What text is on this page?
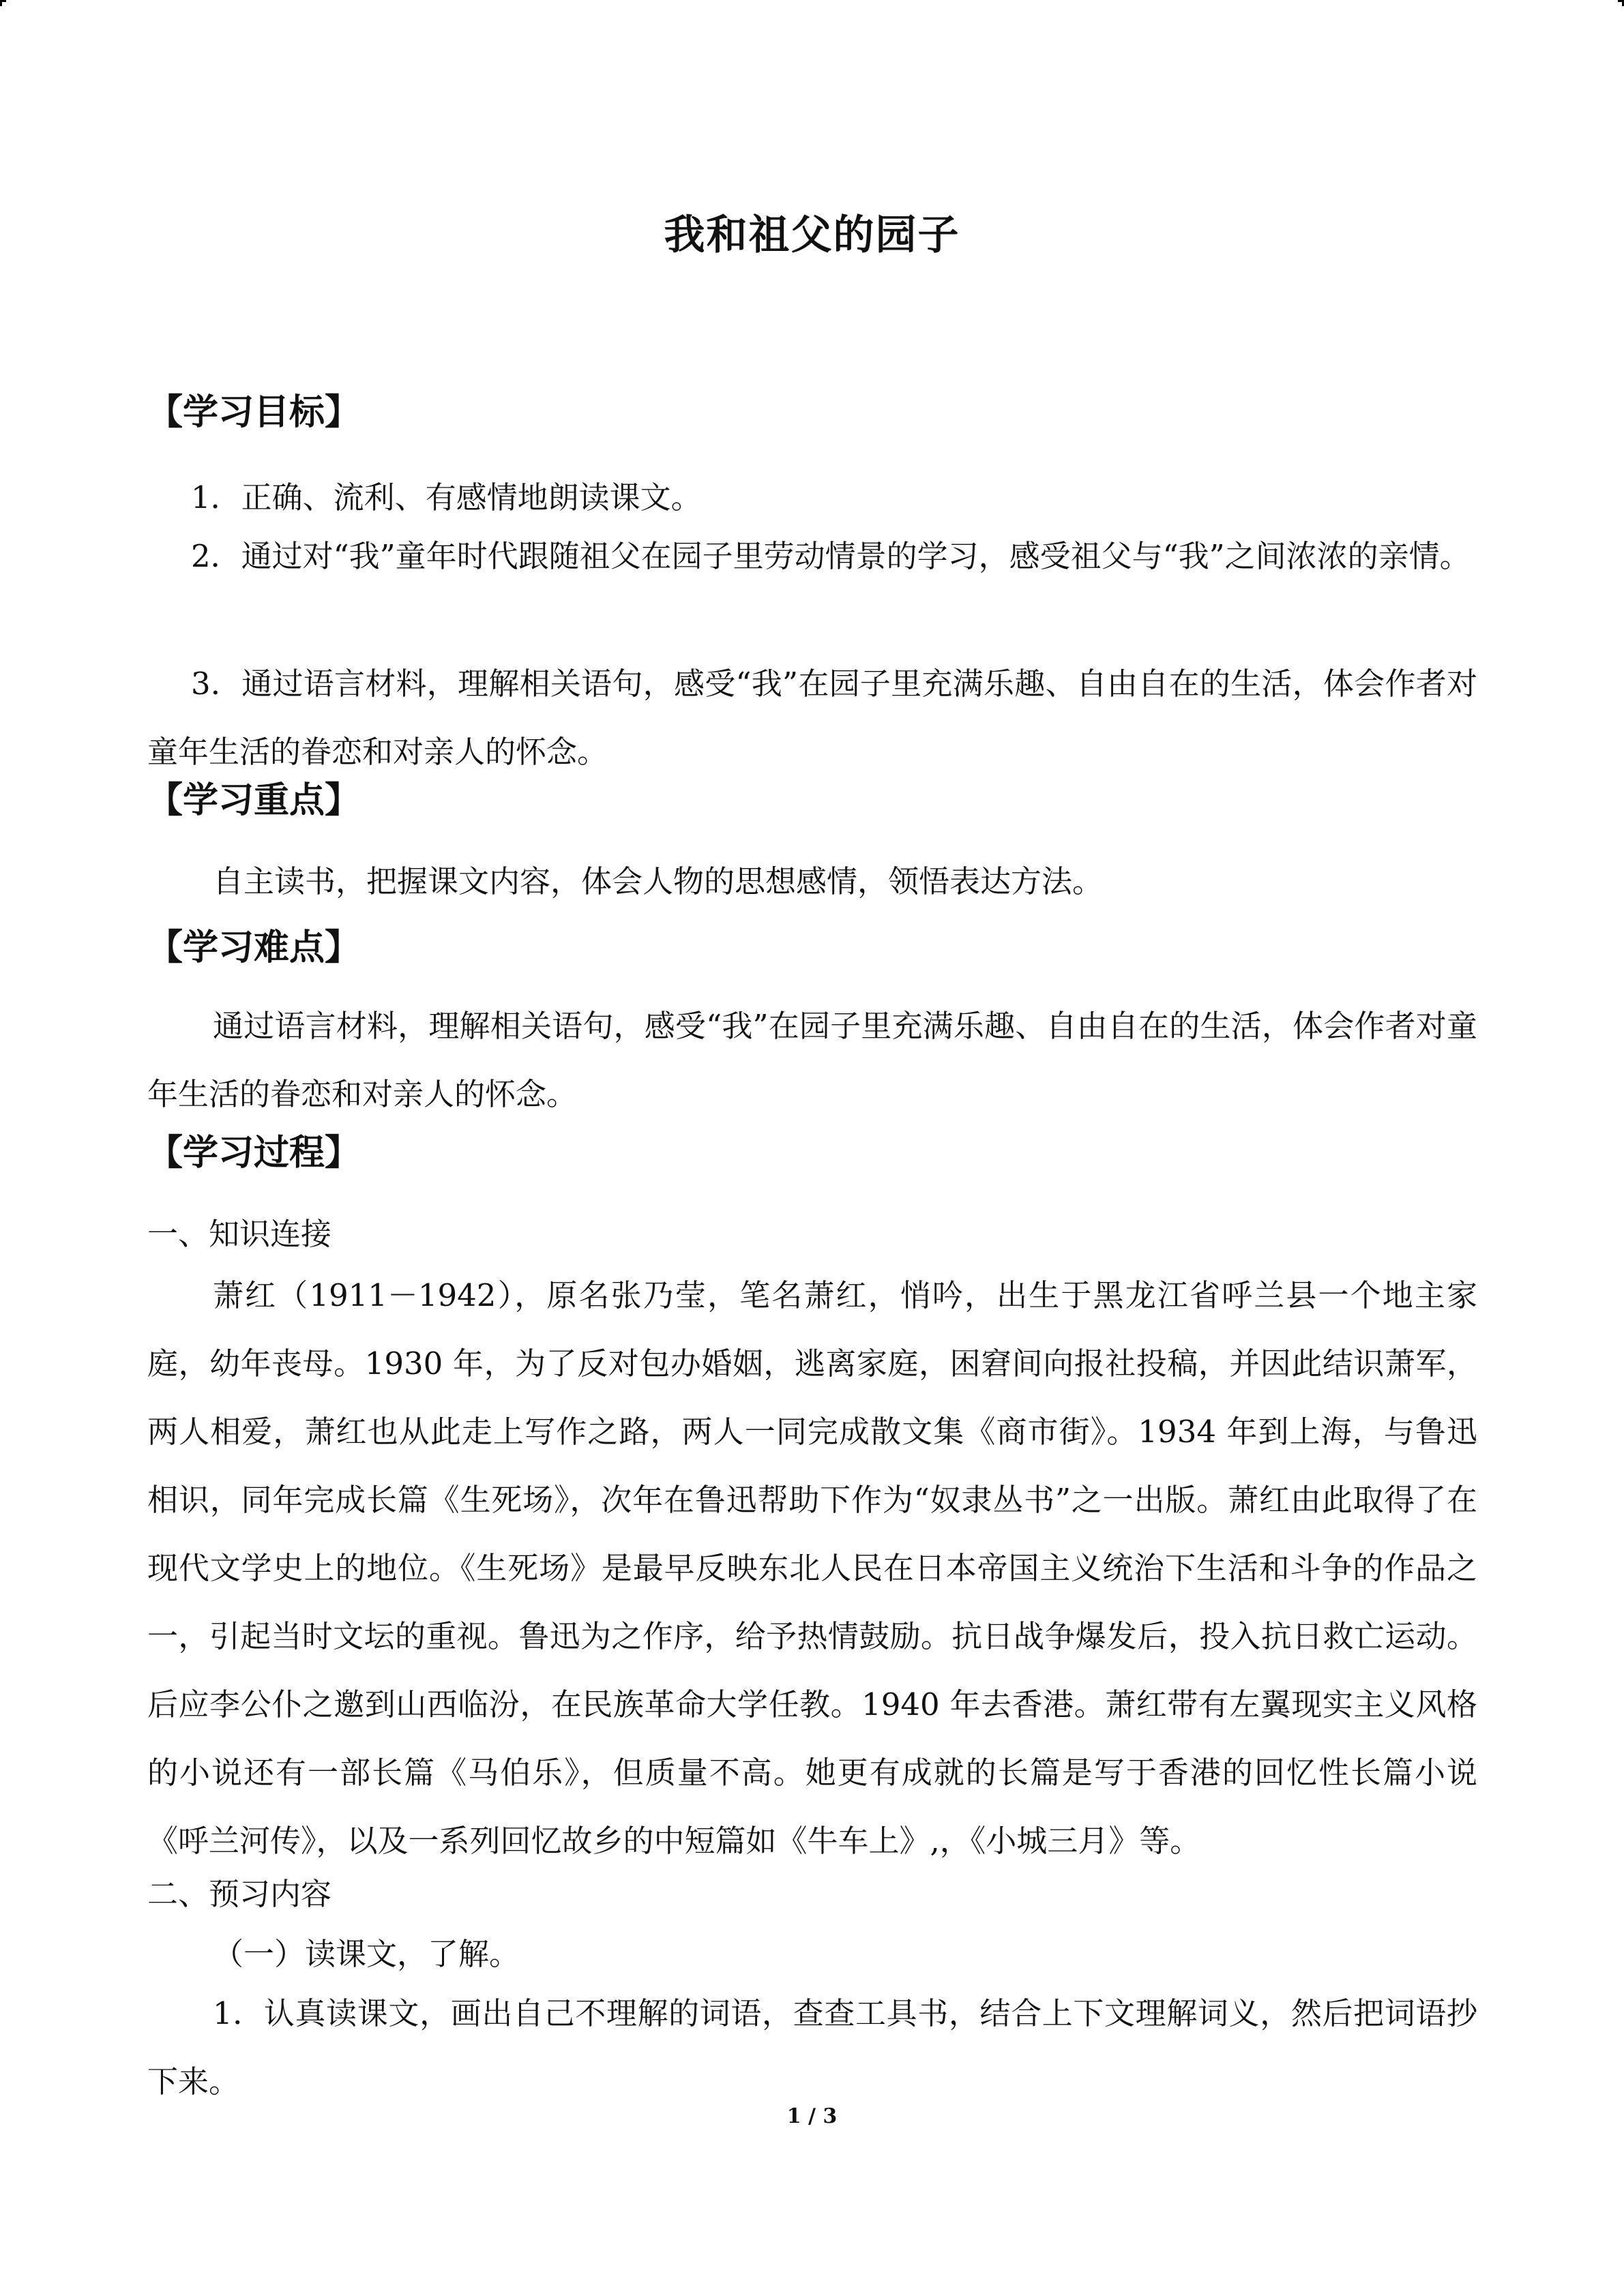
我和祖父的园子
【学习目标】

1．正确、流利、有感情地朗读课文。

2．通过对“我”童年时代跟随祖父在园子里劳动情景的学习，感受祖父与“我”之间浓浓的亲情。

3．通过语言材料，理解相关语句，感受“我”在园子里充满乐趣、自由自在的生活，体会作者对童年生活的眷恋和对亲人的怀念。

【学习重点】

自主读书，把握课文内容，体会人物的思想感情，领悟表达方法。

【学习难点】

通过语言材料，理解相关语句，感受“我”在园子里充满乐趣、自由自在的生活，体会作者对童年生活的眷恋和对亲人的怀念。

【学习过程】

一、知识连接

萧红（1911－1942），原名张乃莹，笔名萧红，悄吟，出生于黑龙江省呼兰县一个地主家庭，幼年丧母。1930 年，为了反对包办婚姻，逃离家庭，困窘间向报社投稿，并因此结识萧军，两人相爱，萧红也从此走上写作之路，两人一同完成散文集《商市街》。1934 年到上海，与鲁迅相识，同年完成长篇《生死场》，次年在鲁迅帮助下作为“奴隶丛书”之一出版。萧红由此取得了在现代文学史上的地位。《生死场》是最早反映东北人民在日本帝国主义统治下生活和斗争的作品之一，引起当时文坛的重视。鲁迅为之作序，给予热情鼓励。抗日战争爆发后，投入抗日救亡运动。后应李公仆之邀到山西临汾，在民族革命大学任教。1940 年去香港。萧红带有左翼现实主义风格的小说还有一部长篇《马伯乐》，但质量不高。她更有成就的长篇是写于香港的回忆性长篇小说《呼兰河传》，以及一系列回忆故乡的中短篇如《牛车上》,，《小城三月》等。

二、预习内容

（一）读课文，了解。

1．认真读课文，画出自己不理解的词语，查查工具书，结合上下文理解词义，然后把词语抄下来。

1 / 3
